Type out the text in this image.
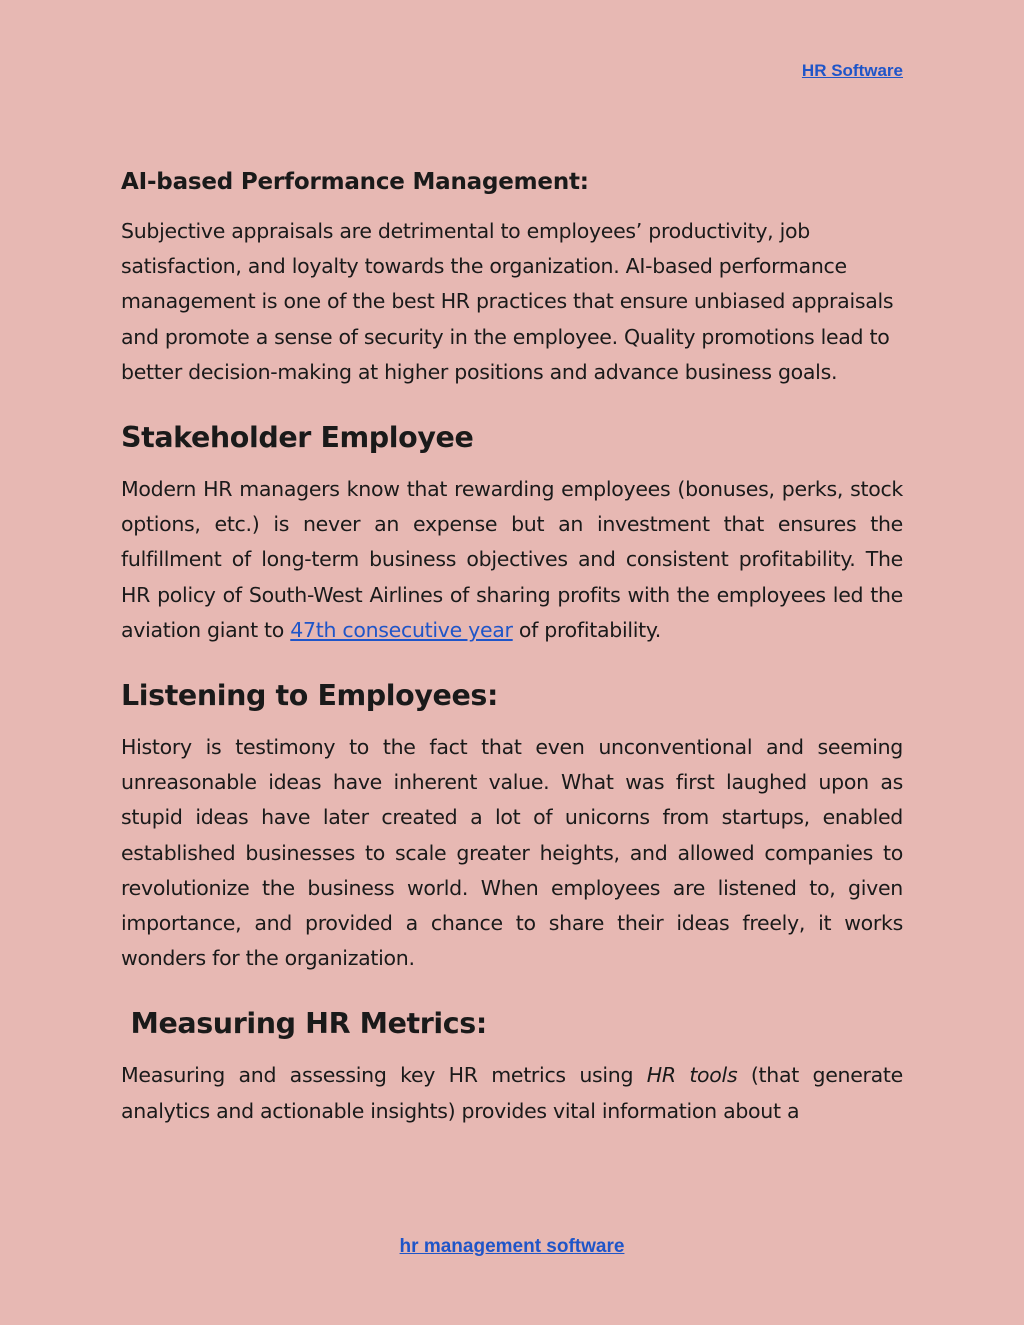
HR Software
AI-based Performance Management:

Subjective appraisals are detrimental to employees’ productivity, job satisfaction, and loyalty towards the organization. AI-based performance management is one of the best HR practices that ensure unbiased appraisals and promote a sense of security in the employee. Quality promotions lead to better decision-making at higher positions and advance business goals.

Stakeholder Employee

Modern HR managers know that rewarding employees (bonuses, perks, stock options, etc.) is never an expense but an investment that ensures the fulfillment of long-term business objectives and consistent profitability. The HR policy of South-West Airlines of sharing profits with the employees led the aviation giant to 47th consecutive year of profitability.

Listening to Employees:

History is testimony to the fact that even unconventional and seeming unreasonable ideas have inherent value. What was first laughed upon as stupid ideas have later created a lot of unicorns from startups, enabled established businesses to scale greater heights, and allowed companies to revolutionize the business world. When employees are listened to, given importance, and provided a chance to share their ideas freely, it works wonders for the organization.

Measuring HR Metrics:

Measuring and assessing key HR metrics using HR tools (that generate analytics and actionable insights) provides vital information about a

hr management software
